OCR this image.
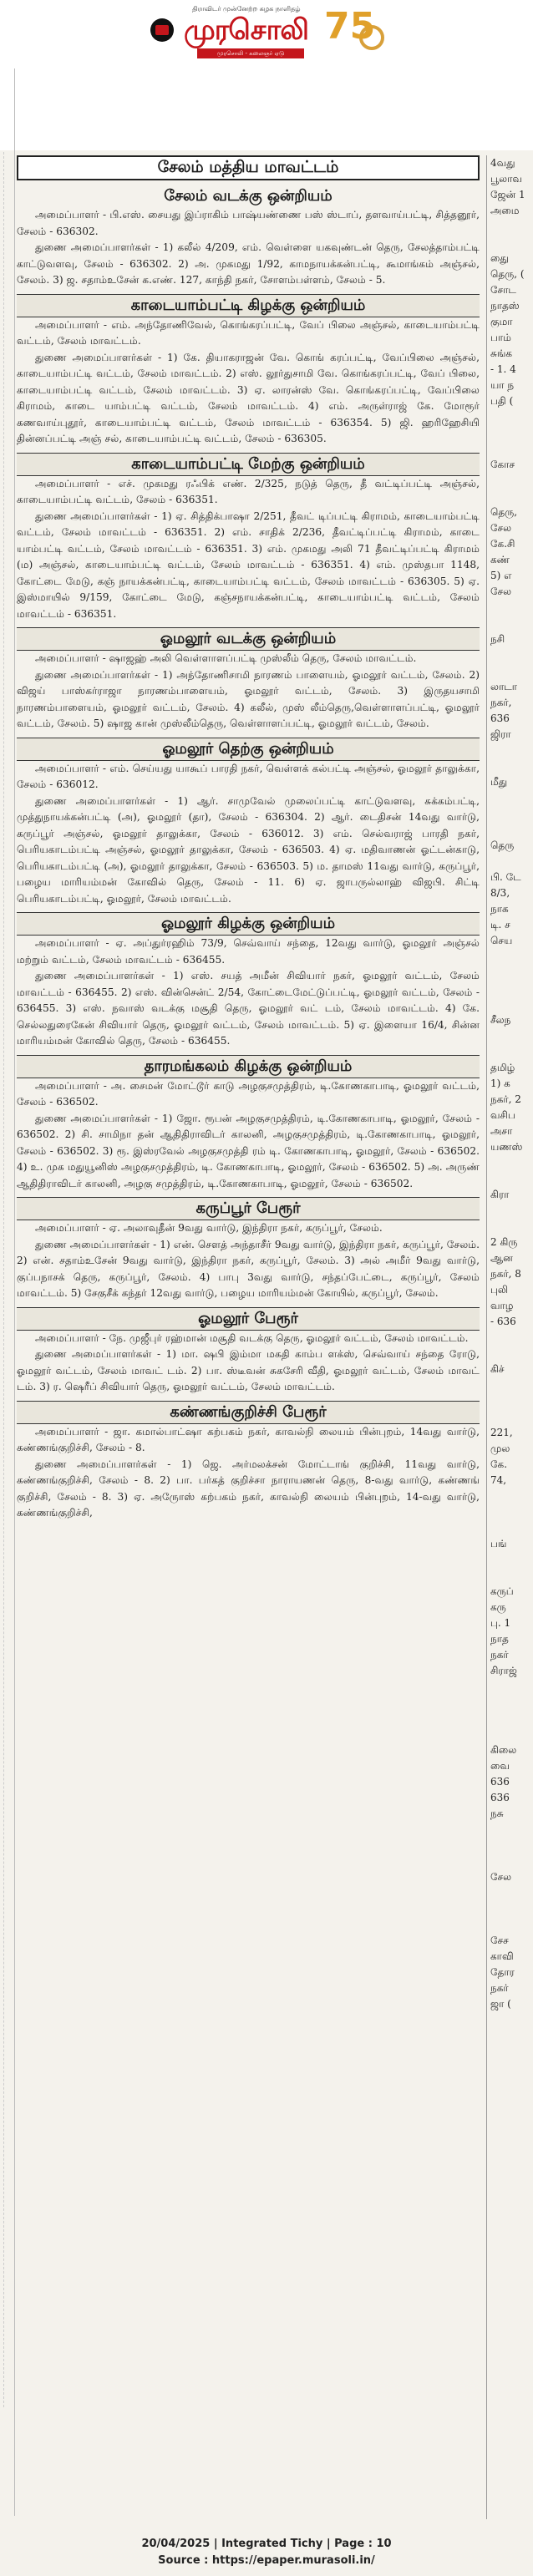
திராவிடர் முன்னேற்ற கழக நாளிதழ்
முரசொலி
முரசொலி - கலைஞர் ஏடு
75
சேலம் மத்திய மாவட்டம்
சேலம் வடக்கு ஒன்றியம்

அமைப்பாளர் - பி.எஸ். சையது இப்ராகிம் பாஷ்யண்ணை பஸ் ஸ்டாப், தளவாய்பட்டி, சித்தனூர், சேலம் - 636302.

துணை அமைப்பாளர்கள் - 1) கலீல் 4/209, எம். வெள்ளை யகவுண்டன் தெரு, சேலத்தாம்பட்டி காட்டுவளவு, சேலம் - 636302. 2) அ. முகமது 1/92, காமநாயக்கன்பட்டி, கூமாங்கம் அஞ்சல், சேலம். 3) ஜ. சதாம்உசேன் க.எண். 127, காந்தி நகர், சோளம்பள்ளம், சேலம் - 5.

காடையாம்பட்டி கிழக்கு ஒன்றியம்

அமைப்பாளர் - எம். அந்தோணிவேல், கொங்கரப்பட்டி, வேப் பிலை அஞ்சல், காடையாம்பட்டி வட்டம், சேலம் மாவட்டம்.

துணை அமைப்பாளர்கள் - 1) கே. தியாகராஜன் வே. கொங் கரப்பட்டி, வேப்பிலை அஞ்சல், காடையாம்பட்டி வட்டம், சேலம் மாவட்டம். 2) எஸ். லூர்துசாமி வே. கொங்கரப்பட்டி, வேப் பிலை, காடையாம்பட்டி வட்டம், சேலம் மாவட்டம். 3) ஏ. லாரன்ஸ் வே. கொங்கரப்பட்டி, வேப்பிலை கிராமம், காடை யாம்பட்டி வட்டம், சேலம் மாவட்டம். 4) எம். அருள்ராஜ் கே. மோரூர் கணவாய்புதூர், காடையாம்பட்டி வட்டம், சேலம் மாவட்டம் - 636354. 5) ஜி. ஹரிஹேசியி தின்னப்பட்டி அஞ் சல், காடையாம்பட்டி வட்டம், சேலம் - 636305.

காடையாம்பட்டி மேற்கு ஒன்றியம்

அமைப்பாளர் - எச். முகமது ரஃபிக் எண். 2/325, நடுத் தெரு, தீ வட்டிப்பட்டி அஞ்சல், காடையாம்பட்டி வட்டம், சேலம் - 636351.

துணை அமைப்பாளர்கள் - 1) ஏ. சித்திக்பாஷா 2/251, தீவட் டிப்பட்டி கிராமம், காடையாம்பட்டி வட்டம், சேலம் மாவட்டம் - 636351. 2) எம். சாதிக் 2/236, தீவட்டிப்பட்டி கிராமம், காடை யாம்பட்டி வட்டம், சேலம் மாவட்டம் - 636351. 3) எம். முகமது அலி 71 தீவட்டிப்பட்டி கிராமம் (ம) அஞ்சல், காடையாம்பட்டி வட்டம், சேலம் மாவட்டம் - 636351. 4) எம். முஸ்தபா 1148, கோட்டை மேடு, கஞ் நாயக்கன்பட்டி, காடையாம்பட்டி வட்டம், சேலம் மாவட்டம் - 636305. 5) ஏ. இஸ்மாயில் 9/159, கோட்டை மேடு, கஞ்சநாயக்கன்பட்டி, காடையாம்பட்டி வட்டம், சேலம் மாவட்டம் - 636351.

ஓமலூர் வடக்கு ஒன்றியம்

அமைப்பாளர் - ஷாஜஹ் அலி வெள்ளாளப்பட்டி முஸ்லீம் தெரு, சேலம் மாவட்டம்.

துணை அமைப்பாளர்கள் - 1) அந்தோணிசாமி நாரணம் பாளையம், ஓமலூர் வட்டம், சேலம். 2) விஜய் பாஸ்கர்ராஜா நாரணம்பாளையம், ஓமலூர் வட்டம், சேலம். 3) இருதயசாமி நாரணம்பாளையம், ஓமலூர் வட்டம், சேலம். 4) கலீல், முஸ் லீம்தெரு,வெள்ளாளப்பட்டி, ஓமலூர் வட்டம், சேலம். 5) ஷாஜ கான் முஸ்லீம்தெரு, வெள்ளாளப்பட்டி, ஓமலூர் வட்டம், சேலம்.

ஓமலூர் தெற்கு ஒன்றியம்

அமைப்பாளர் - எம். செய்யது யாகூப் பாரதி நகர், வெள்ளக் கல்பட்டி அஞ்சல், ஓமலூர் தாலுக்கா, சேலம் - 636012.

துணை அமைப்பாளர்கள் - 1) ஆர். சாமுவேல் முலைப்பட்டி காட்டுவளவு, சுக்கம்பட்டி, முத்துநாயக்கன்பட்டி (அ), ஓமலூர் (தா), சேலம் - 636304. 2) ஆர். டைதிசன் 14வது வார்டு, கருப்பூர் அஞ்சல், ஓமலூர் தாலுக்கா, சேலம் - 636012. 3) எம். செல்வராஜ் பாரதி நகர், பெரியகாடம்பட்டி அஞ்சல், ஓமலூர் தாலுக்கா, சேலம் - 636503. 4) ஏ. மதிவாணன் ஓட்டன்காடு, பெரியகாடம்பட்டி (அ), ஓமலூர் தாலுக்கா, சேலம் - 636503. 5) ம. தாமஸ் 11வது வார்டு, கருப்பூர், பழைய மாரியம்மன் கோவில் தெரு, சேலம் - 11. 6) ஏ. ஜாபருல்லாஹ் விஜபி. சிட்டி பெரியகாடம்பட்டி, ஓமலூர், சேலம் மாவட்டம்.

ஓமலூர் கிழக்கு ஒன்றியம்

அமைப்பாளர் - ஏ. அப்துர்ரஹிம் 73/9, செவ்வாய் சந்தை, 12வது வார்டு, ஓமலூர் அஞ்சல் மற்றும் வட்டம், சேலம் மாவட்டம் - 636455.

துணை அமைப்பாளர்கள் - 1) எஸ். சயத் அமீன் சிவியார் நகர், ஓமலூர் வட்டம், சேலம் மாவட்டம் - 636455. 2) எஸ். வின்சென்ட் 2/54, கோட்டைமேட்டுப்பட்டி, ஓமலூர் வட்டம், சேலம் - 636455. 3) எஸ். நவாஸ் வடக்கு மசூதி தெரு, ஓமலூர் வட் டம், சேலம் மாவட்டம். 4) கே. செல்லதுரைகேன் சிவியார் தெரு, ஓமலூர் வட்டம், சேலம் மாவட்டம். 5) ஏ. இளையா 16/4, சின்ன மாரியம்மன் கோவில் தெரு, சேலம் - 636455.

தாரமங்கலம் கிழக்கு ஒன்றியம்

அமைப்பாளர் - அ. சைமன் மோட்டூர் காடு அழகுசமுத்திரம், டி.கோணகாபாடி, ஓமலூர் வட்டம், சேலம் - 636502.

துணை அமைப்பாளர்கள் - 1) ஜோ. ரூபன் அழகுசமுத்திரம், டி.கோணகாபாடி, ஓமலூர், சேலம் - 636502. 2) சி. சாமிநா தன் ஆதிதிராவிடர் காலனி, அழகுசமுத்திரம், டி.கோணகாபாடி, ஓமலூர், சேலம் - 636502. 3) ரூ. இஸ்ரவேல் அழகுசமுத்தி ரம் டி. கோணகாபாடி, ஓமலூர், சேலம் - 636502. 4) உ. முக மதுயூனிஸ் அழகுசமுத்திரம், டி. கோணகாபாடி, ஓமலூர், சேலம் - 636502. 5) அ. அருண் ஆதிதிராவிடர் காலனி, அழகு சமுத்திரம், டி.கோணகாபாடி, ஓமலூர், சேலம் - 636502.

கருப்பூர் பேரூர்

அமைப்பாளர் - ஏ. அலாவுதீன் 9வது வார்டு, இந்திரா நகர், கருப்பூர், சேலம்.

துணை அமைப்பாளர்கள் - 1) என். சௌத் அந்தாசீர் 9வது வார்டு, இந்திரா நகர், கருப்பூர், சேலம். 2) என். சதாம்உசேன் 9வது வார்டு, இந்திரா நகர், கருப்பூர், சேலம். 3) அல் அமீர் 9வது வார்டு, குப்பநாசக் தெரு, கருப்பூர், சேலம். 4) பாபு 3வது வார்டு, சந்தப்பேட்டை, கருப்பூர், சேலம் மாவட்டம். 5) சேகுசீக் கந்தர் 12வது வார்டு, பழைய மாரியம்மன் கோயில், கருப்பூர், சேலம்.

ஓமலூர் பேரூர்

அமைப்பாளர் - நே. முஜீபுர் ரஹ்மான் மசூதி வடக்கு தெரு, ஓமலூர் வட்டம், சேலம் மாவட்டம்.

துணை அமைப்பாளர்கள் - 1) மா. ஷபி இம்மா மகதி காம்ப ளக்ஸ், செவ்வாய் சந்தை ரோடு, ஓமலூர் வட்டம், சேலம் மாவட் டம். 2) பா. ஸ்டீவன் சுகசேரி வீதி, ஓமலூர் வட்டம், சேலம் மாவட் டம். 3) ர. ஷெரீப் சிவியார் தெரு, ஓமலூர் வட்டம், சேலம் மாவட்டம்.

கண்ணங்குறிச்சி பேரூர்

அமைப்பாளர் - ஜா. கமால்பாட்ஷா கற்பகம் நகர், காவல்நி லையம் பின்புறம், 14வது வார்டு, கண்ணங்குறிச்சி, சேலம் - 8.

துணை அமைப்பாளர்கள் - 1) ஜெ. அர்மலக்சன் மோட்டாங் குறிச்சி, 11வது வார்டு, கண்ணங்குறிச்சி, சேலம் - 8. 2) பா. பர்கத் குறிச்சா நாராயணன் தெரு, 8-வது வார்டு, கண்ணங் குறிச்சி, சேலம் - 8. 3) ஏ. அருோஸ் கற்பகம் நகர், காவல்நி லையம் பின்புறம், 14-வது வார்டு, கண்ணங்குறிச்சி,

4வது
பூலாவ
ஜேன் 1
அமை

துை
தெரு, (
சோட
நாதஸ்
குமா
பாம்
சுங்க
- 1. 4
யா ந
பதி (

கோச

தெரு,
சேல
கே.சி
கண்
5) எ
சேல

நசி

லாடா
நகர்,
636
ஜிரா

மீது

தெரு

பி. டே
8/3,
நாக
டி. ச
செய

சீலந

தமிழ்
1) க
நகர், 2
வசிப
அசா
யணஸ்

கிரா

2 கிரு
ஆன
நகர், 8
புலி
வாழ
- 636

கிச்

221,
முல
கே.
74,

பங்

கருப்
கரு
பு. 1
நாத
நகர்
சிராஜ்

கிலை
வை
636
636
நசு

சேல

சேச
காவி
தோர
நகர்
ஜா (
20/04/2025 | Integrated Tichy | Page : 10
Source : https://epaper.murasoli.in/
